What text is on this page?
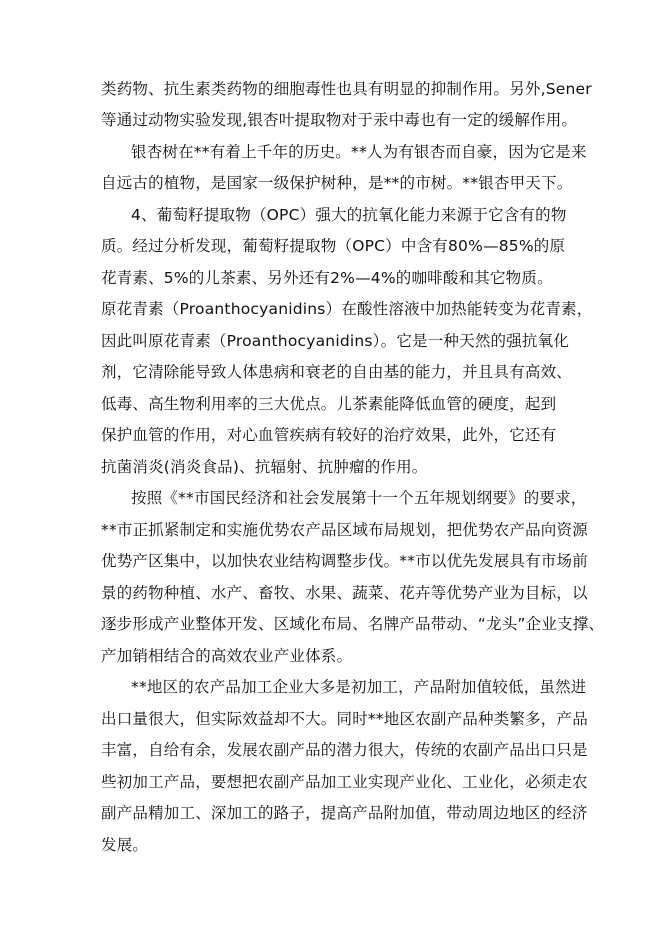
类药物、抗生素类药物的细胞毒性也具有明显的抑制作用。另外,Sener
等通过动物实验发现,银杏叶提取物对于汞中毒也有一定的缓解作用。
银杏树在**有着上千年的历史。**人为有银杏而自豪，因为它是来
自远古的植物，是国家一级保护树种，是**的市树。**银杏甲天下。
4、葡萄籽提取物（OPC）强大的抗氧化能力来源于它含有的物
质。经过分析发现，葡萄籽提取物（OPC）中含有80%—85%的原
花青素、5%的儿茶素、另外还有2%—4%的咖啡酸和其它物质。
原花青素（Proanthocyanidins）在酸性溶液中加热能转变为花青素，
因此叫原花青素（Proanthocyanidins）。它是一种天然的强抗氧化
剂，它清除能导致人体患病和衰老的自由基的能力，并且具有高效、
低毒、高生物利用率的三大优点。儿茶素能降低血管的硬度，起到
保护血管的作用，对心血管疾病有较好的治疗效果，此外，它还有
抗菌消炎(消炎食品)、抗辐射、抗肿瘤的作用。
按照《**市国民经济和社会发展第十一个五年规划纲要》的要求，
**市正抓紧制定和实施优势农产品区域布局规划，把优势农产品向资源
优势产区集中，以加快农业结构调整步伐。**市以优先发展具有市场前
景的药物种植、水产、畜牧、水果、蔬菜、花卉等优势产业为目标，以
逐步形成产业整体开发、区域化布局、名牌产品带动、“龙头”企业支撑、
产加销相结合的高效农业产业体系。
**地区的农产品加工企业大多是初加工，产品附加值较低，虽然进
出口量很大，但实际效益却不大。同时**地区农副产品种类繁多，产品
丰富，自给有余，发展农副产品的潜力很大，传统的农副产品出口只是
些初加工产品，要想把农副产品加工业实现产业化、工业化，必须走农
副产品精加工、深加工的路子，提高产品附加值，带动周边地区的经济
发展。
